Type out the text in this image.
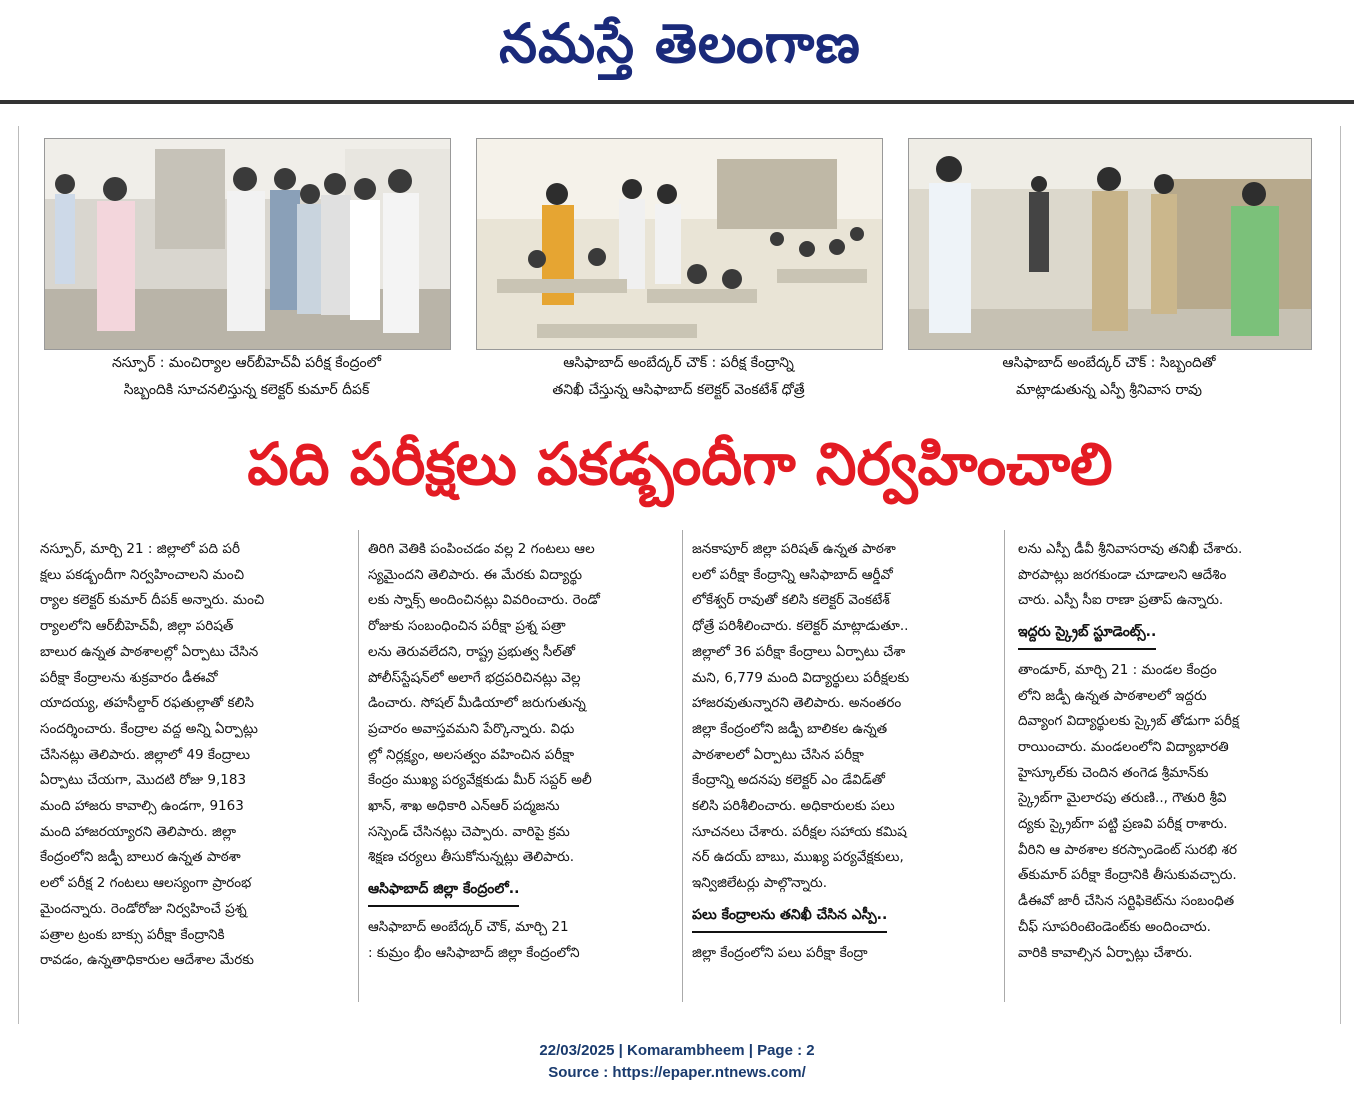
నమస్తే తెలంగాణ
నస్పూర్ : మంచిర్యాల ఆర్‌బీహెచ్‌వీ పరీక్ష కేంద్రంలో
సిబ్బందికి సూచనలిస్తున్న కలెక్టర్ కుమార్ దీపక్
ఆసిఫాబాద్ అంబేద్కర్ చౌక్ : పరీక్ష కేంద్రాన్ని
తనిఖీ చేస్తున్న ఆసిఫాబాద్ కలెక్టర్ వెంకటేశ్ ధోత్రే
ఆసిఫాబాద్ అంబేద్కర్ చౌక్ : సిబ్బందితో
మాట్లాడుతున్న ఎస్పీ శ్రీనివాస రావు
పది పరీక్షలు పకడ్బందీగా నిర్వహించాలి

నస్పూర్, మార్చి 21 : జిల్లాలో పది పరీ

క్షలు పకడ్బందీగా నిర్వహించాలని మంచి

ర్యాల కలెక్టర్ కుమార్ దీపక్ అన్నారు. మంచి

ర్యాలలోని ఆర్‌బీహెచ్‌వీ, జిల్లా పరిషత్

బాలుర ఉన్నత పాఠశాలల్లో ఏర్పాటు చేసిన

పరీక్షా కేంద్రాలను శుక్రవారం డీఈవో

యాదయ్య, తహసీల్దార్ రఫతుల్లాతో కలిసి

సందర్శించారు. కేంద్రాల వద్ద అన్ని ఏర్పాట్లు

చేసినట్లు తెలిపారు. జిల్లాలో 49 కేంద్రాలు

ఏర్పాటు చేయగా, మొదటి రోజు 9,183

మంది హాజరు కావాల్సి ఉండగా, 9163

మంది హాజరయ్యారని తెలిపారు. జిల్లా

కేంద్రంలోని జడ్పీ బాలుర ఉన్నత పాఠశా

లలో పరీక్ష 2 గంటలు ఆలస్యంగా ప్రారంభ

మైందన్నారు. రెండోరోజు నిర్వహించే ప్రశ్న

పత్రాల ట్రంకు బాక్సు పరీక్షా కేంద్రానికి

రావడం, ఉన్నతాధికారుల ఆదేశాల మేరకు

తిరిగి వెతికి పంపించడం వల్ల 2 గంటలు ఆల

స్యమైందని తెలిపారు. ఈ మేరకు విద్యార్థు

లకు స్నాక్స్ అందించినట్లు వివరించారు. రెండో

రోజుకు సంబంధించిన పరీక్షా ప్రశ్న పత్రా

లను తెరువలేదని, రాష్ట్ర ప్రభుత్వ సీల్‌తో

పోలీస్‌స్టేషన్‌లో అలాగే భద్రపరిచినట్లు వెల్ల

డించారు. సోషల్ మీడియాలో జరుగుతున్న

ప్రచారం అవాస్తవమని పేర్కొన్నారు. విధు

ల్లో నిర్లక్ష్యం, అలసత్వం వహించిన పరీక్షా

కేంద్రం ముఖ్య పర్యవేక్షకుడు మీర్ సప్దర్ అలీ

ఖాన్, శాఖ అధికారి ఎన్‌ఆర్ పద్మజను

సస్పెండ్ చేసినట్లు చెప్పారు. వారిపై క్రమ

శిక్షణ చర్యలు తీసుకోనున్నట్లు తెలిపారు.

ఆసిఫాబాద్ జిల్లా కేంద్రంలో..

ఆసిఫాబాద్ అంబేద్కర్ చౌక్, మార్చి 21

: కుమ్రం భీం ఆసిఫాబాద్ జిల్లా కేంద్రంలోని

జనకాపూర్ జిల్లా పరిషత్ ఉన్నత పాఠశా

లలో పరీక్షా కేంద్రాన్ని ఆసిఫాబాద్ ఆర్డీవో

లోకేశ్వర్ రావుతో కలిసి కలెక్టర్ వెంకటేశ్

ధోత్రే పరిశీలించారు. కలెక్టర్ మాట్లాడుతూ..

జిల్లాలో 36 పరీక్షా కేంద్రాలు ఏర్పాటు చేశా

మని, 6,779 మంది విద్యార్థులు పరీక్షలకు

హాజరవుతున్నారని తెలిపారు. అనంతరం

జిల్లా కేంద్రంలోని జడ్పీ బాలికల ఉన్నత

పాఠశాలలో ఏర్పాటు చేసిన పరీక్షా

కేంద్రాన్ని అదనపు కలెక్టర్ ఎం డేవిడ్‌తో

కలిసి పరిశీలించారు. అధికారులకు పలు

సూచనలు చేశారు. పరీక్షల సహాయ కమిష

నర్ ఉదయ్ బాబు, ముఖ్య పర్యవేక్షకులు,

ఇన్విజిలేటర్లు పాల్గొన్నారు.

పలు కేంద్రాలను తనిఖీ చేసిన ఎస్పీ..

జిల్లా కేంద్రంలోని పలు పరీక్షా కేంద్రా

లను ఎస్పీ డీవీ శ్రీనివాసరావు తనిఖీ చేశారు.

పొరపాట్లు జరగకుండా చూడాలని ఆదేశిం

చారు. ఎస్పీ సీఐ రాణా ప్రతాప్ ఉన్నారు.

ఇద్దరు స్క్రైబ్ స్టూడెంట్స్..

తాండూర్, మార్చి 21 : మండల కేంద్రం

లోని జడ్పీ ఉన్నత పాఠశాలలో ఇద్దరు

దివ్యాంగ విద్యార్థులకు స్క్రైబ్ తోడుగా పరీక్ష

రాయించారు. మండలంలోని విద్యాభారతి

హైస్కూల్‌కు చెందిన తంగెడ శ్రీమాన్‌కు

స్క్రైబ్‌గా మైలారపు తరుణి.., గౌతురి శ్రీవి

ద్యకు స్క్రైబ్‌గా పట్టి ప్రణవి పరీక్ష రాశారు.

వీరిని ఆ పాఠశాల కరస్పాండెంట్ సురభి శర

త్‌కుమార్ పరీక్షా కేంద్రానికి తీసుకువచ్చారు.

డీఈవో జారీ చేసిన సర్టిఫికెట్‌ను సంబంధిత

చీఫ్ సూపరింటెండెంట్‌కు అందించారు.

వారికి కావాల్సిన ఏర్పాట్లు చేశారు.

22/03/2025 | Komarambheem | Page : 2
Source : https://epaper.ntnews.com/
